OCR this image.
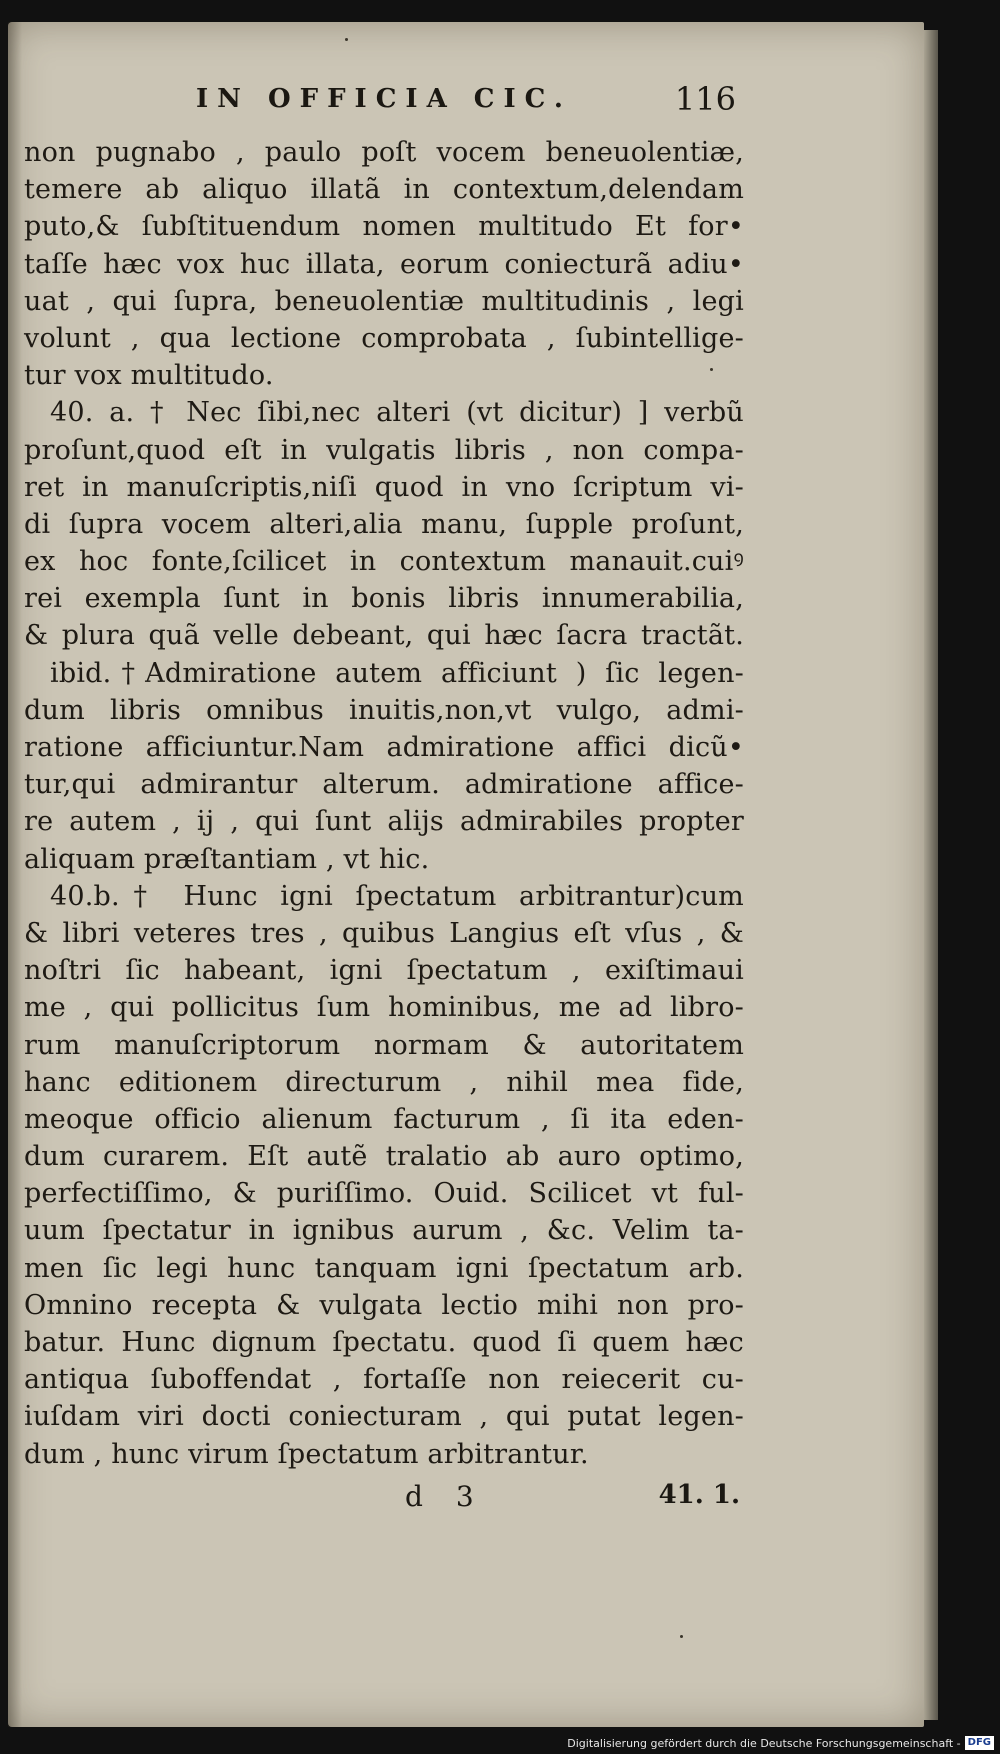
IN OFFICIA CIC.	116
non pugnabo , paulo poſt vocem beneuolentiæ,
temere ab aliquo illatã in contextum,delendam
puto,& ſubſtituendum nomen multitudo Et for•
taſſe hæc vox huc illata, eorum coniecturã adiu•
uat , qui ſupra, beneuolentiæ multitudinis , legi
volunt , qua lectione comprobata , ſubintellige-
tur vox multitudo.
40. a. † Nec ſibi,nec alteri (vt dicitur) ] verbũ
proſunt,quod eſt in vulgatis libris , non compa-
ret in manuſcriptis,niſi quod in vno ſcriptum vi-
di ſupra vocem alteri,alia manu, ſupple proſunt,
ex hoc fonte,ſcilicet in contextum manauit.cuiꝰ
rei exempla ſunt in bonis libris innumerabilia,
& plura quã velle debeant, qui hæc ſacra tractãt.
ibid.†Admiratione autem afficiunt ) ſic legen-
dum libris omnibus inuitis,non,vt vulgo, admi-
ratione afficiuntur.Nam admiratione affici dicũ•
tur,qui admirantur alterum. admiratione affice-
re autem , ij , qui ſunt alijs admirabiles propter
aliquam præſtantiam , vt hic.
40.b.† Hunc igni ſpectatum arbitrantur)cum
& libri veteres tres , quibus Langius eſt vſus , &
noſtri ſic habeant, igni ſpectatum , exiſtimaui
me , qui pollicitus ſum hominibus, me ad libro-
rum manuſcriptorum normam & autoritatem
hanc editionem directurum , nihil mea fide,
meoque officio alienum facturum , ſi ita eden-
dum curarem. Eſt autẽ tralatio ab auro optimo,
perfectiſſimo, & puriſſimo. Ouid. Scilicet vt ful-
uum ſpectatur in ignibus aurum , &c. Velim ta-
men ſic legi hunc tanquam igni ſpectatum arb.
Omnino recepta & vulgata lectio mihi non pro-
batur. Hunc dignum ſpectatu. quod ſi quem hæc
antiqua ſuboffendat , fortaſſe non reiecerit cu-
iuſdam viri docti coniecturam , qui putat legen-
dum , hunc virum ſpectatum arbitrantur.
d 3	41. 1.
Digitalisierung gefördert durch die Deutsche Forschungsgemeinschaft - DFG
